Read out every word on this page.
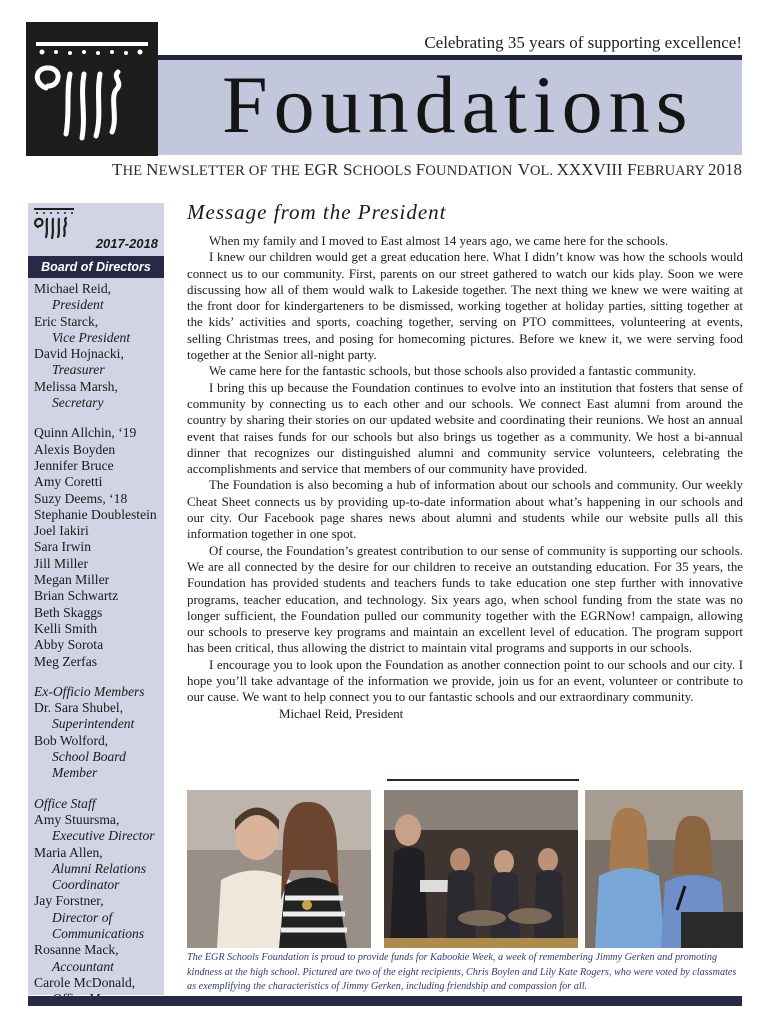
Celebrating 35 years of supporting excellence!
Foundations
THE NEWSLETTER OF THE EGR SCHOOLS FOUNDATION VOL. XXXVIII FEBRUARY 2018
2017-2018
Board of Directors
Michael Reid,
President
Eric Starck,
Vice President
David Hojnacki,
Treasurer
Melissa Marsh,
Secretary
Quinn Allchin, ‘19
Alexis Boyden
Jennifer Bruce
Amy Coretti
Suzy Deems, ‘18
Stephanie Doublestein
Joel Iakiri
Sara Irwin
Jill Miller
Megan Miller
Brian Schwartz
Beth Skaggs
Kelli Smith
Abby Sorota
Meg Zerfas
Ex-Officio Members
Dr. Sara Shubel,
Superintendent
Bob Wolford,
School Board Member
Office Staff
Amy Stuursma,
Executive Director
Maria Allen,
Alumni Relations
Coordinator
Jay Forstner,
Director of
Communications
Rosanne Mack,
Accountant
Carole McDonald,
Message from the President

When my family and I moved to East almost 14 years ago, we came here for the schools.

I knew our children would get a great education here. What I didn’t know was how the schools would connect us to our community. First, parents on our street gathered to watch our kids play. Soon we were discussing how all of them would walk to Lakeside together. The next thing we knew we were waiting at the front door for kindergarteners to be dismissed, working together at holiday parties, sitting together at the kids’ activities and sports, coaching together, serving on PTO committees, volunteering at events, selling Christmas trees, and posing for homecoming pictures. Before we knew it, we were serving food together at the Senior all-night party.

We came here for the fantastic schools, but those schools also provided a fantastic community.

I bring this up because the Foundation continues to evolve into an institution that fosters that sense of community by connecting us to each other and our schools. We connect East alumni from around the country by sharing their stories on our updated website and coordinating their reunions. We host an annual event that raises funds for our schools but also brings us together as a community. We host a bi-annual dinner that recognizes our distinguished alumni and community service volunteers, celebrating the accomplishments and service that members of our community have provided.

The Foundation is also becoming a hub of information about our schools and community. Our weekly Cheat Sheet connects us by providing up-to-date information about what’s happening in our schools and our city. Our Facebook page shares news about alumni and students while our website pulls all this information together in one spot.

Of course, the Foundation’s greatest contribution to our sense of community is supporting our schools. We are all connected by the desire for our children to receive an outstanding education. For 35 years, the Foundation has provided students and teachers funds to take education one step further with innovative programs, teacher education, and technology. Six years ago, when school funding from the state was no longer sufficient, the Foundation pulled our community together with the EGRNow! campaign, allowing our schools to preserve key programs and maintain an excellent level of education. The program support has been critical, thus allowing the district to maintain vital programs and supports in our schools.

I encourage you to look upon the Foundation as another connection point to our schools and our city. I hope you’ll take advantage of the information we provide, join us for an event, volunteer or contribute to our cause. We want to help connect you to our fantastic schools and our extraordinary community.

Michael Reid, President

The EGR Schools Foundation is proud to provide funds for Kabookie Week, a week of remembering Jimmy Gerken and promoting kindness at the high school. Pictured are two of the eight recipients, Chris Boylen and Lily Kate Rogers, who were voted by classmates as exemplifying the characteristics of Jimmy Gerken, including friendship and compassion for all.
